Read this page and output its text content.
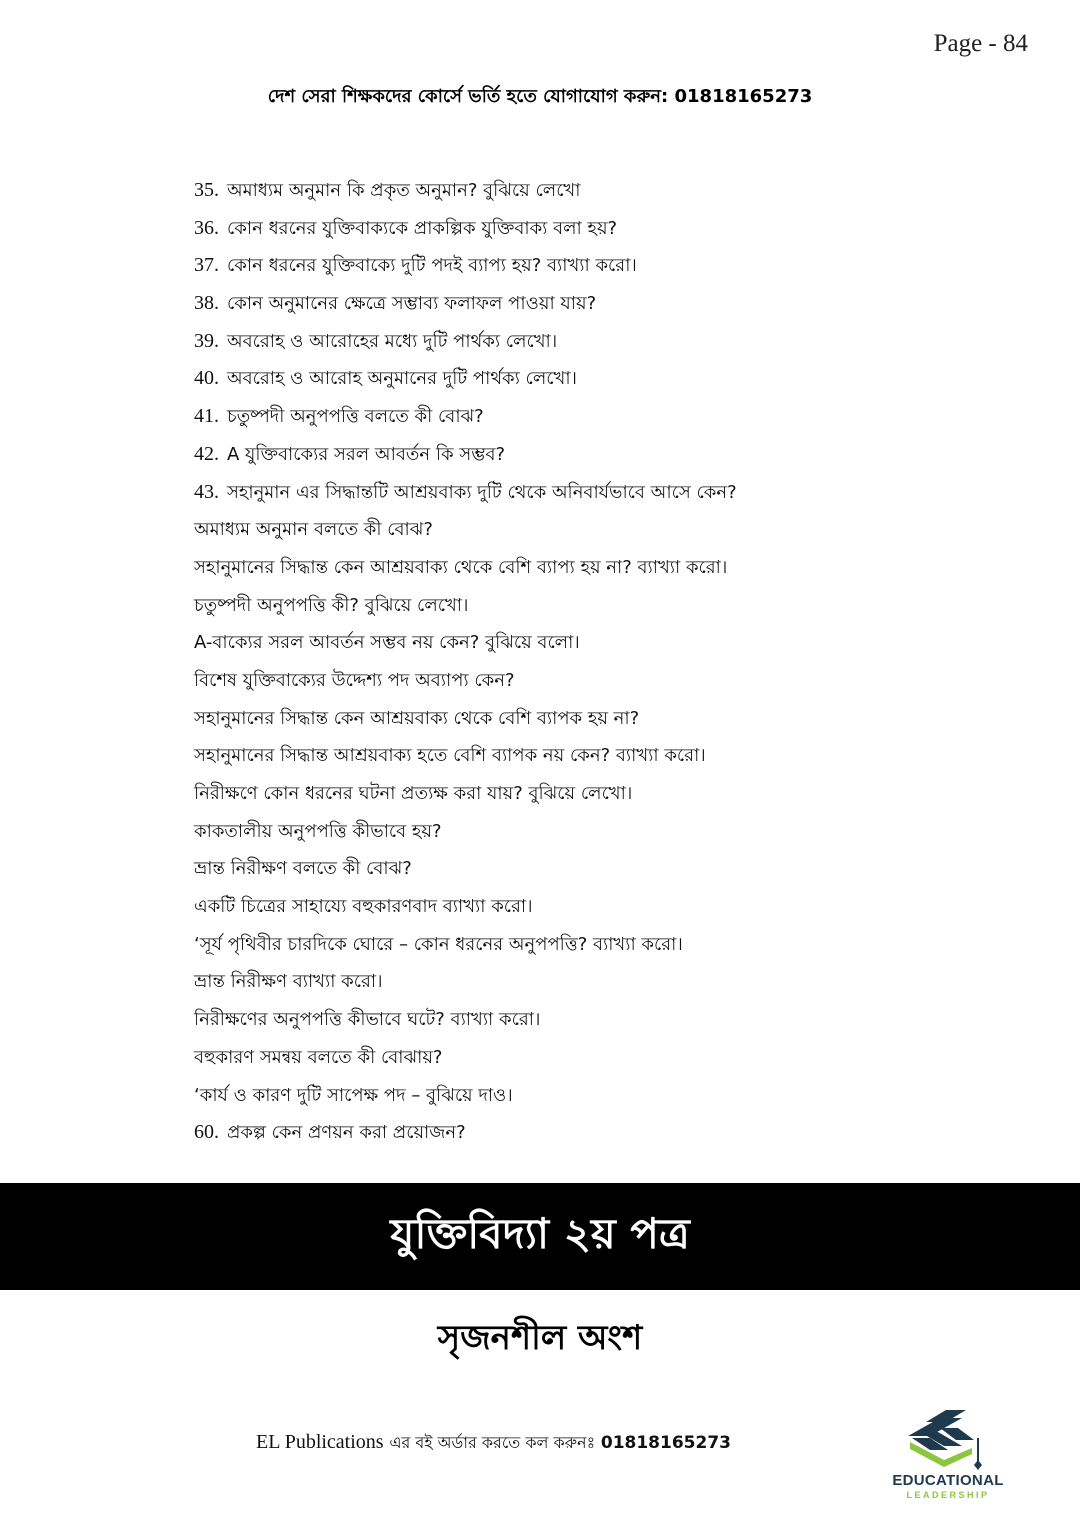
Page - 84
দেশ সেরা শিক্ষকদের কোর্সে ভর্তি হতে যোগাযোগ করুন: 01818165273
35. অমাধ্যম অনুমান কি প্রকৃত অনুমান? বুঝিয়ে লেখো
36. কোন ধরনের যুক্তিবাক্যকে প্রাকল্পিক যুক্তিবাক্য বলা হয়?
37. কোন ধরনের যুক্তিবাক্যে দুটি পদই ব্যাপ্য হয়? ব্যাখ্যা করো।
38. কোন অনুমানের ক্ষেত্রে সম্ভাব্য ফলাফল পাওয়া যায়?
39. অবরোহ ও আরোহের মধ্যে দুটি পার্থক্য লেখো।
40. অবরোহ ও আরোহ অনুমানের দুটি পার্থক্য লেখো।
41. চতুষ্পদী অনুপপত্তি বলতে কী বোঝ?
42. A যুক্তিবাক্যের সরল আবর্তন কি সম্ভব?
43. সহানুমান এর সিদ্ধান্তটি আশ্রয়বাক্য দুটি থেকে অনিবার্যভাবে আসে কেন?
অমাধ্যম অনুমান বলতে কী বোঝ?
সহানুমানের সিদ্ধান্ত কেন আশ্রয়বাক্য থেকে বেশি ব্যাপ্য হয় না? ব্যাখ্যা করো।
চতুষ্পদী অনুপপত্তি কী? বুঝিয়ে লেখো।
A-বাক্যের সরল আবর্তন সম্ভব নয় কেন? বুঝিয়ে বলো।
বিশেষ যুক্তিবাক্যের উদ্দেশ্য পদ অব্যাপ্য কেন?
সহানুমানের সিদ্ধান্ত কেন আশ্রয়বাক্য থেকে বেশি ব্যাপক হয় না?
সহানুমানের সিদ্ধান্ত আশ্রয়বাক্য হতে বেশি ব্যাপক নয় কেন? ব্যাখ্যা করো।
নিরীক্ষণে কোন ধরনের ঘটনা প্রত্যক্ষ করা যায়? বুঝিয়ে লেখো।
কাকতালীয় অনুপপত্তি কীভাবে হয়?
ভ্রান্ত নিরীক্ষণ বলতে কী বোঝ?
একটি চিত্রের সাহায্যে বহুকারণবাদ ব্যাখ্যা করো।
‘সূর্য পৃথিবীর চারদিকে ঘোরে – কোন ধরনের অনুপপত্তি? ব্যাখ্যা করো।
ভ্রান্ত নিরীক্ষণ ব্যাখ্যা করো।
নিরীক্ষণের অনুপপত্তি কীভাবে ঘটে? ব্যাখ্যা করো।
বহুকারণ সমন্বয় বলতে কী বোঝায়?
‘কার্য ও কারণ দুটি সাপেক্ষ পদ – বুঝিয়ে দাও।
60. প্রকল্প কেন প্রণয়ন করা প্রয়োজন?
যুক্তিবিদ্যা ২য় পত্র
সৃজনশীল অংশ
EL Publications এর বই অর্ডার করতে কল করুনঃ 01818165273
EDUCATIONAL
LEADERSHIP
